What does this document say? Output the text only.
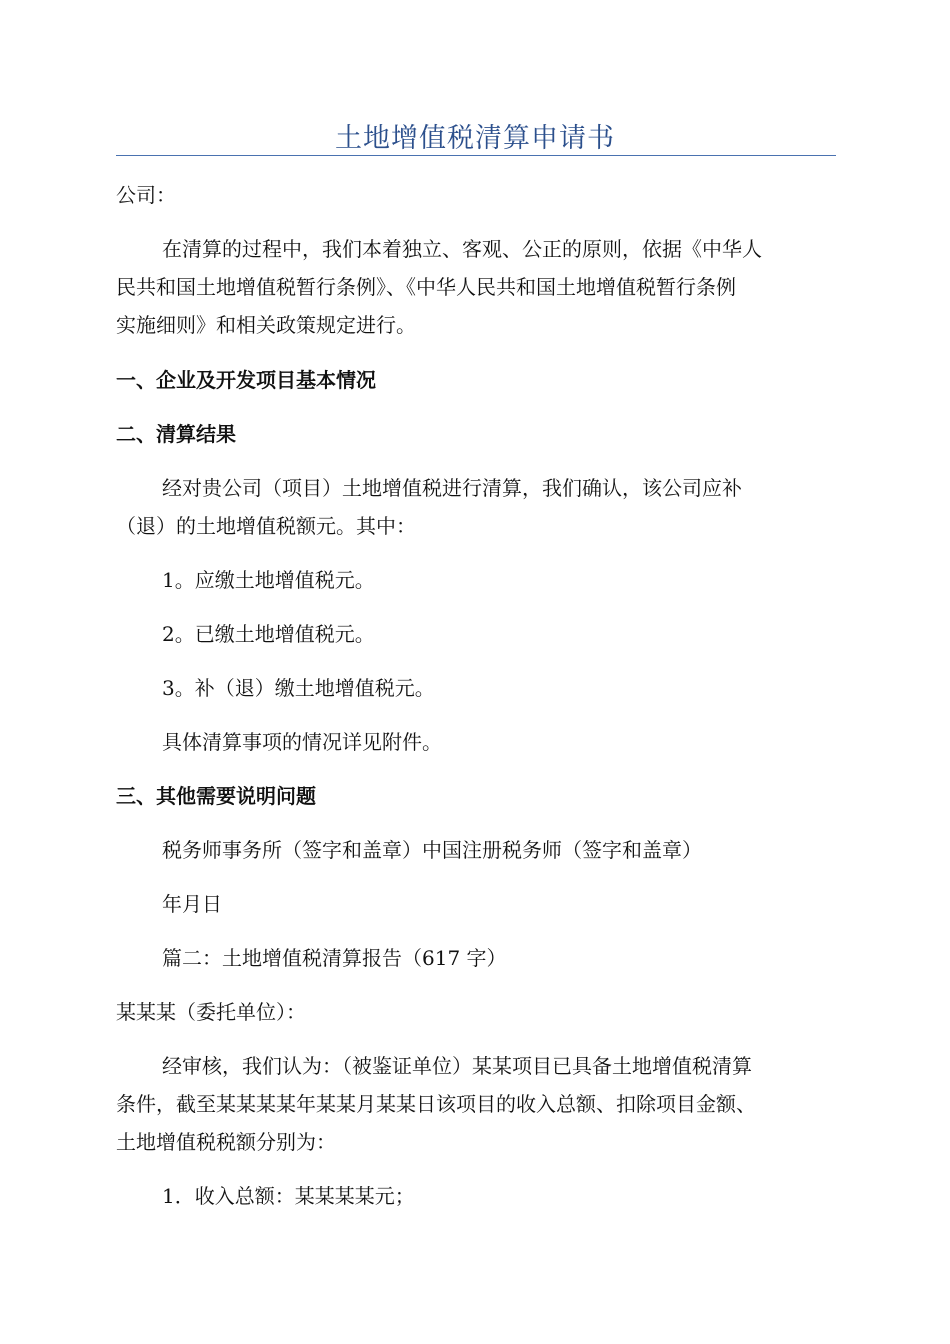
土地增值税清算申请书
公司：
在清算的过程中，我们本着独立、客观、公正的原则，依据《中华人
民共和国土地增值税暂行条例》、《中华人民共和国土地增值税暂行条例
实施细则》和相关政策规定进行。
一、企业及开发项目基本情况
二、清算结果
经对贵公司（项目）土地增值税进行清算，我们确认，该公司应补
（退）的土地增值税额元。其中：
1。应缴土地增值税元。
2。已缴土地增值税元。
3。补（退）缴土地增值税元。
具体清算事项的情况详见附件。
三、其他需要说明问题
税务师事务所（签字和盖章）中国注册税务师（签字和盖章）
年月日
篇二：土地增值税清算报告（617 字）
某某某（委托单位）：
经审核，我们认为：（被鉴证单位）某某项目已具备土地增值税清算
条件，截至某某某某年某某月某某日该项目的收入总额、扣除项目金额、
土地增值税税额分别为：
1．收入总额：某某某某元；
